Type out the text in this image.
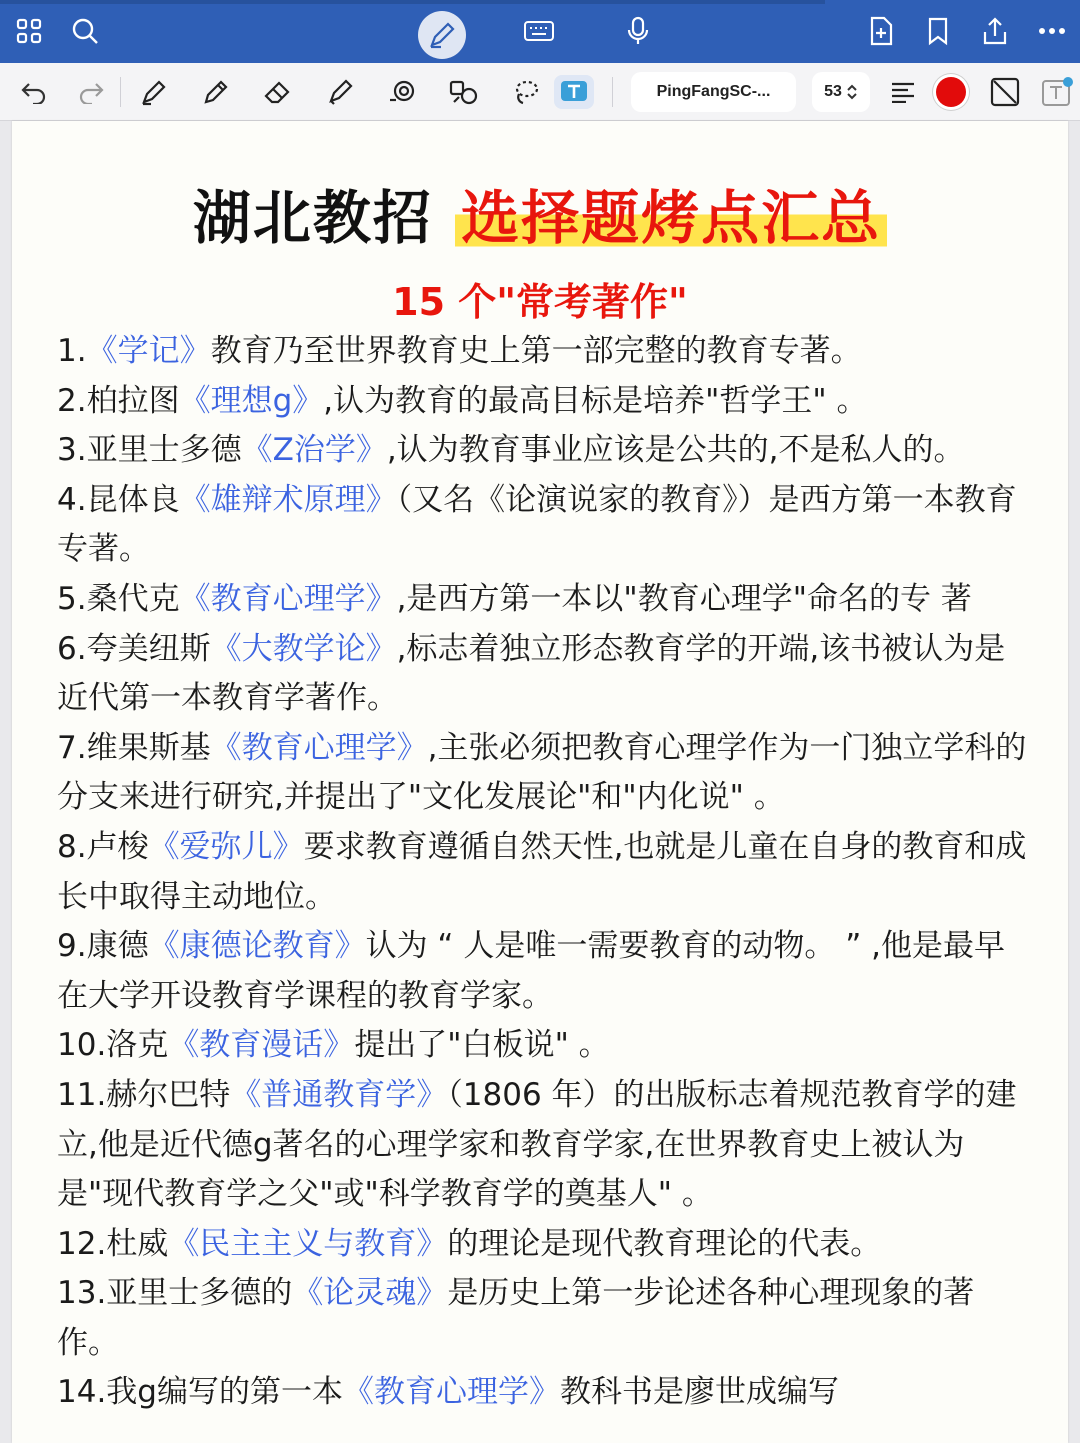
PingFangSC-...	53
湖北教招 选择题烤点汇总
15 个"常考著作"

1.《学记》教育乃至世界教育史上第一部完整的教育专著。

2.柏拉图《理想g》,认为教育的最高目标是培养"哲学王" 。

3.亚里士多德《Z治学》,认为教育事业应该是公共的,不是私人的。

4.昆体良《雄辩术原理》（又名《论演说家的教育》）是西方第一本教育专著。

5.桑代克《教育心理学》,是西方第一本以"教育心理学"命名的专 著

6.夸美纽斯《大教学论》,标志着独立形态教育学的开端,该书被认为是近代第一本教育学著作。

7.维果斯基《教育心理学》,主张必须把教育心理学作为一门独立学科的分支来进行研究,并提出了"文化发展论"和"内化说" 。

8.卢梭《爱弥儿》要求教育遵循自然天性,也就是儿童在自身的教育和成长中取得主动地位。

9.康德《康德论教育》认为 “ 人是唯一需要教育的动物。 ” ,他是最早在大学开设教育学课程的教育学家。

10.洛克《教育漫话》提出了"白板说" 。

11.赫尔巴特《普通教育学》（1806 年）的出版标志着规范教育学的建立,他是近代德g著名的心理学家和教育学家,在世界教育史上被认为是"现代教育学之父"或"科学教育学的奠基人" 。

12.杜威《民主主义与教育》的理论是现代教育理论的代表。

13.亚里士多德的《论灵魂》是历史上第一步论述各种心理现象的著作。

14.我g编写的第一本《教育心理学》教科书是廖世成编写
